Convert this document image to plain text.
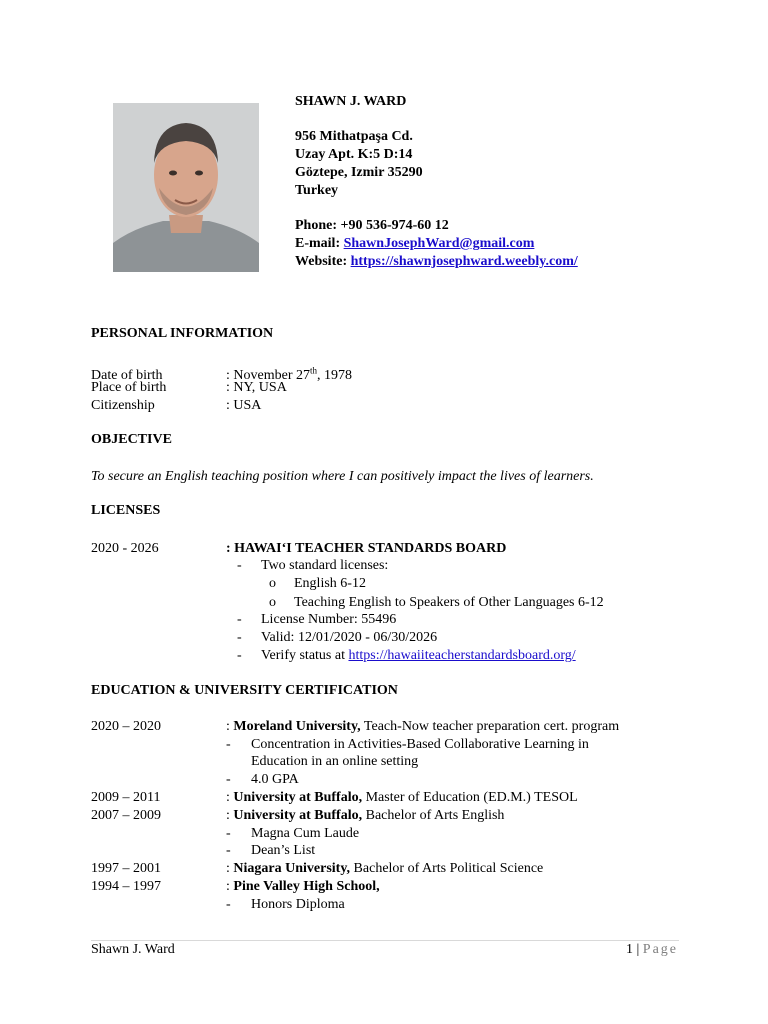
SHAWN J. WARD
956 Mithatpaşa Cd.
Uzay Apt. K:5 D:14
Göztepe, Izmir 35290
Turkey
Phone: +90 536-974-60 12
E-mail: ShawnJosephWard@gmail.com
Website: https://shawnjosephward.weebly.com/
PERSONAL INFORMATION
Date of birth	: November 27th, 1978
Place of birth	: NY, USA
Citizenship	: USA
OBJECTIVE
To secure an English teaching position where I can positively impact the lives of learners.
LICENSES
2020 - 2026	: HAWAIʻI TEACHER STANDARDS BOARD
- Two standard licenses:
o English 6-12
o Teaching English to Speakers of Other Languages 6-12
- License Number: 55496
- Valid: 12/01/2020 - 06/30/2026
- Verify status at https://hawaiiteacherstandardsboard.org/
EDUCATION & UNIVERSITY CERTIFICATION
2020 – 2020	: Moreland University, Teach-Now teacher preparation cert. program
- Concentration in Activities-Based Collaborative Learning in
Education in an online setting
- 4.0 GPA
2009 – 2011	: University at Buffalo, Master of Education (ED.M.) TESOL
2007 – 2009	: University at Buffalo, Bachelor of Arts English
- Magna Cum Laude
- Dean’s List
1997 – 2001	: Niagara University, Bachelor of Arts Political Science
1994 – 1997	: Pine Valley High School,
- Honors Diploma
Shawn J. Ward	1 | Page
